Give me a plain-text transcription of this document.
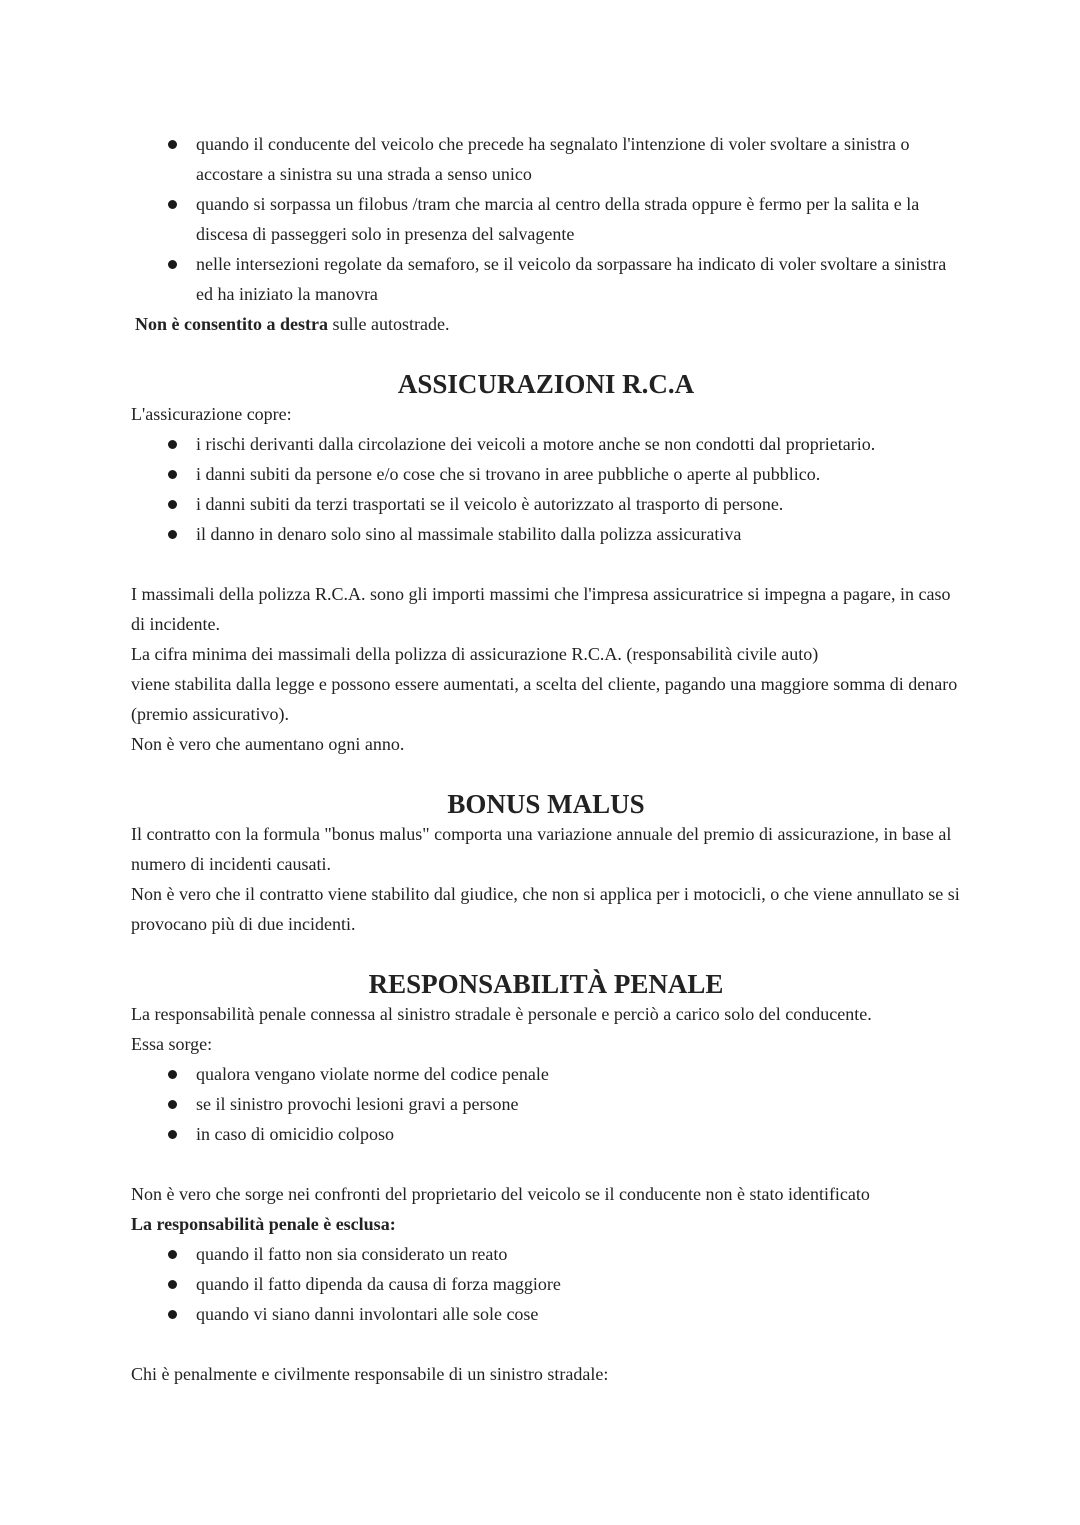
quando il conducente del veicolo che precede ha segnalato l'intenzione di voler svoltare a sinistra o accostare a sinistra su una strada a senso unico
quando si sorpassa un filobus /tram che marcia al centro della strada oppure è fermo per la salita e la discesa di passeggeri solo in presenza del salvagente
nelle intersezioni regolate da semaforo, se il veicolo da sorpassare ha indicato di voler svoltare a sinistra ed ha iniziato la manovra

Non è consentito a destra sulle autostrade.

ASSICURAZIONI R.C.A

L'assicurazione copre:

i rischi derivanti dalla circolazione dei veicoli a motore anche se non condotti dal proprietario.
i danni subiti da persone e/o cose che si trovano in aree pubbliche o aperte al pubblico.
i danni subiti da terzi trasportati se il veicolo è autorizzato al trasporto di persone.
il danno in denaro solo sino al massimale stabilito dalla polizza assicurativa

I massimali della polizza R.C.A. sono gli importi massimi che l'impresa assicuratrice si impegna a pagare, in caso di incidente.

La cifra minima dei massimali della polizza di assicurazione R.C.A. (responsabilità civile auto)

viene stabilita dalla legge e possono essere aumentati, a scelta del cliente, pagando una maggiore somma di denaro (premio assicurativo).

Non è vero che aumentano ogni anno.

BONUS MALUS

Il contratto con la formula "bonus malus" comporta una variazione annuale del premio di assicurazione, in base al numero di incidenti causati.

Non è vero che il contratto viene stabilito dal giudice, che non si applica per i motocicli, o che viene annullato se si provocano più di due incidenti.

RESPONSABILITÀ PENALE

La responsabilità penale connessa al sinistro stradale è personale e perciò a carico solo del conducente.

Essa sorge:

qualora vengano violate norme del codice penale
se il sinistro provochi lesioni gravi a persone
in caso di omicidio colposo

Non è vero che sorge nei confronti del proprietario del veicolo se il conducente non è stato identificato

La responsabilità penale è esclusa:

quando il fatto non sia considerato un reato
quando il fatto dipenda da causa di forza maggiore
quando vi siano danni involontari alle sole cose

Chi è penalmente e civilmente responsabile di un sinistro stradale:
